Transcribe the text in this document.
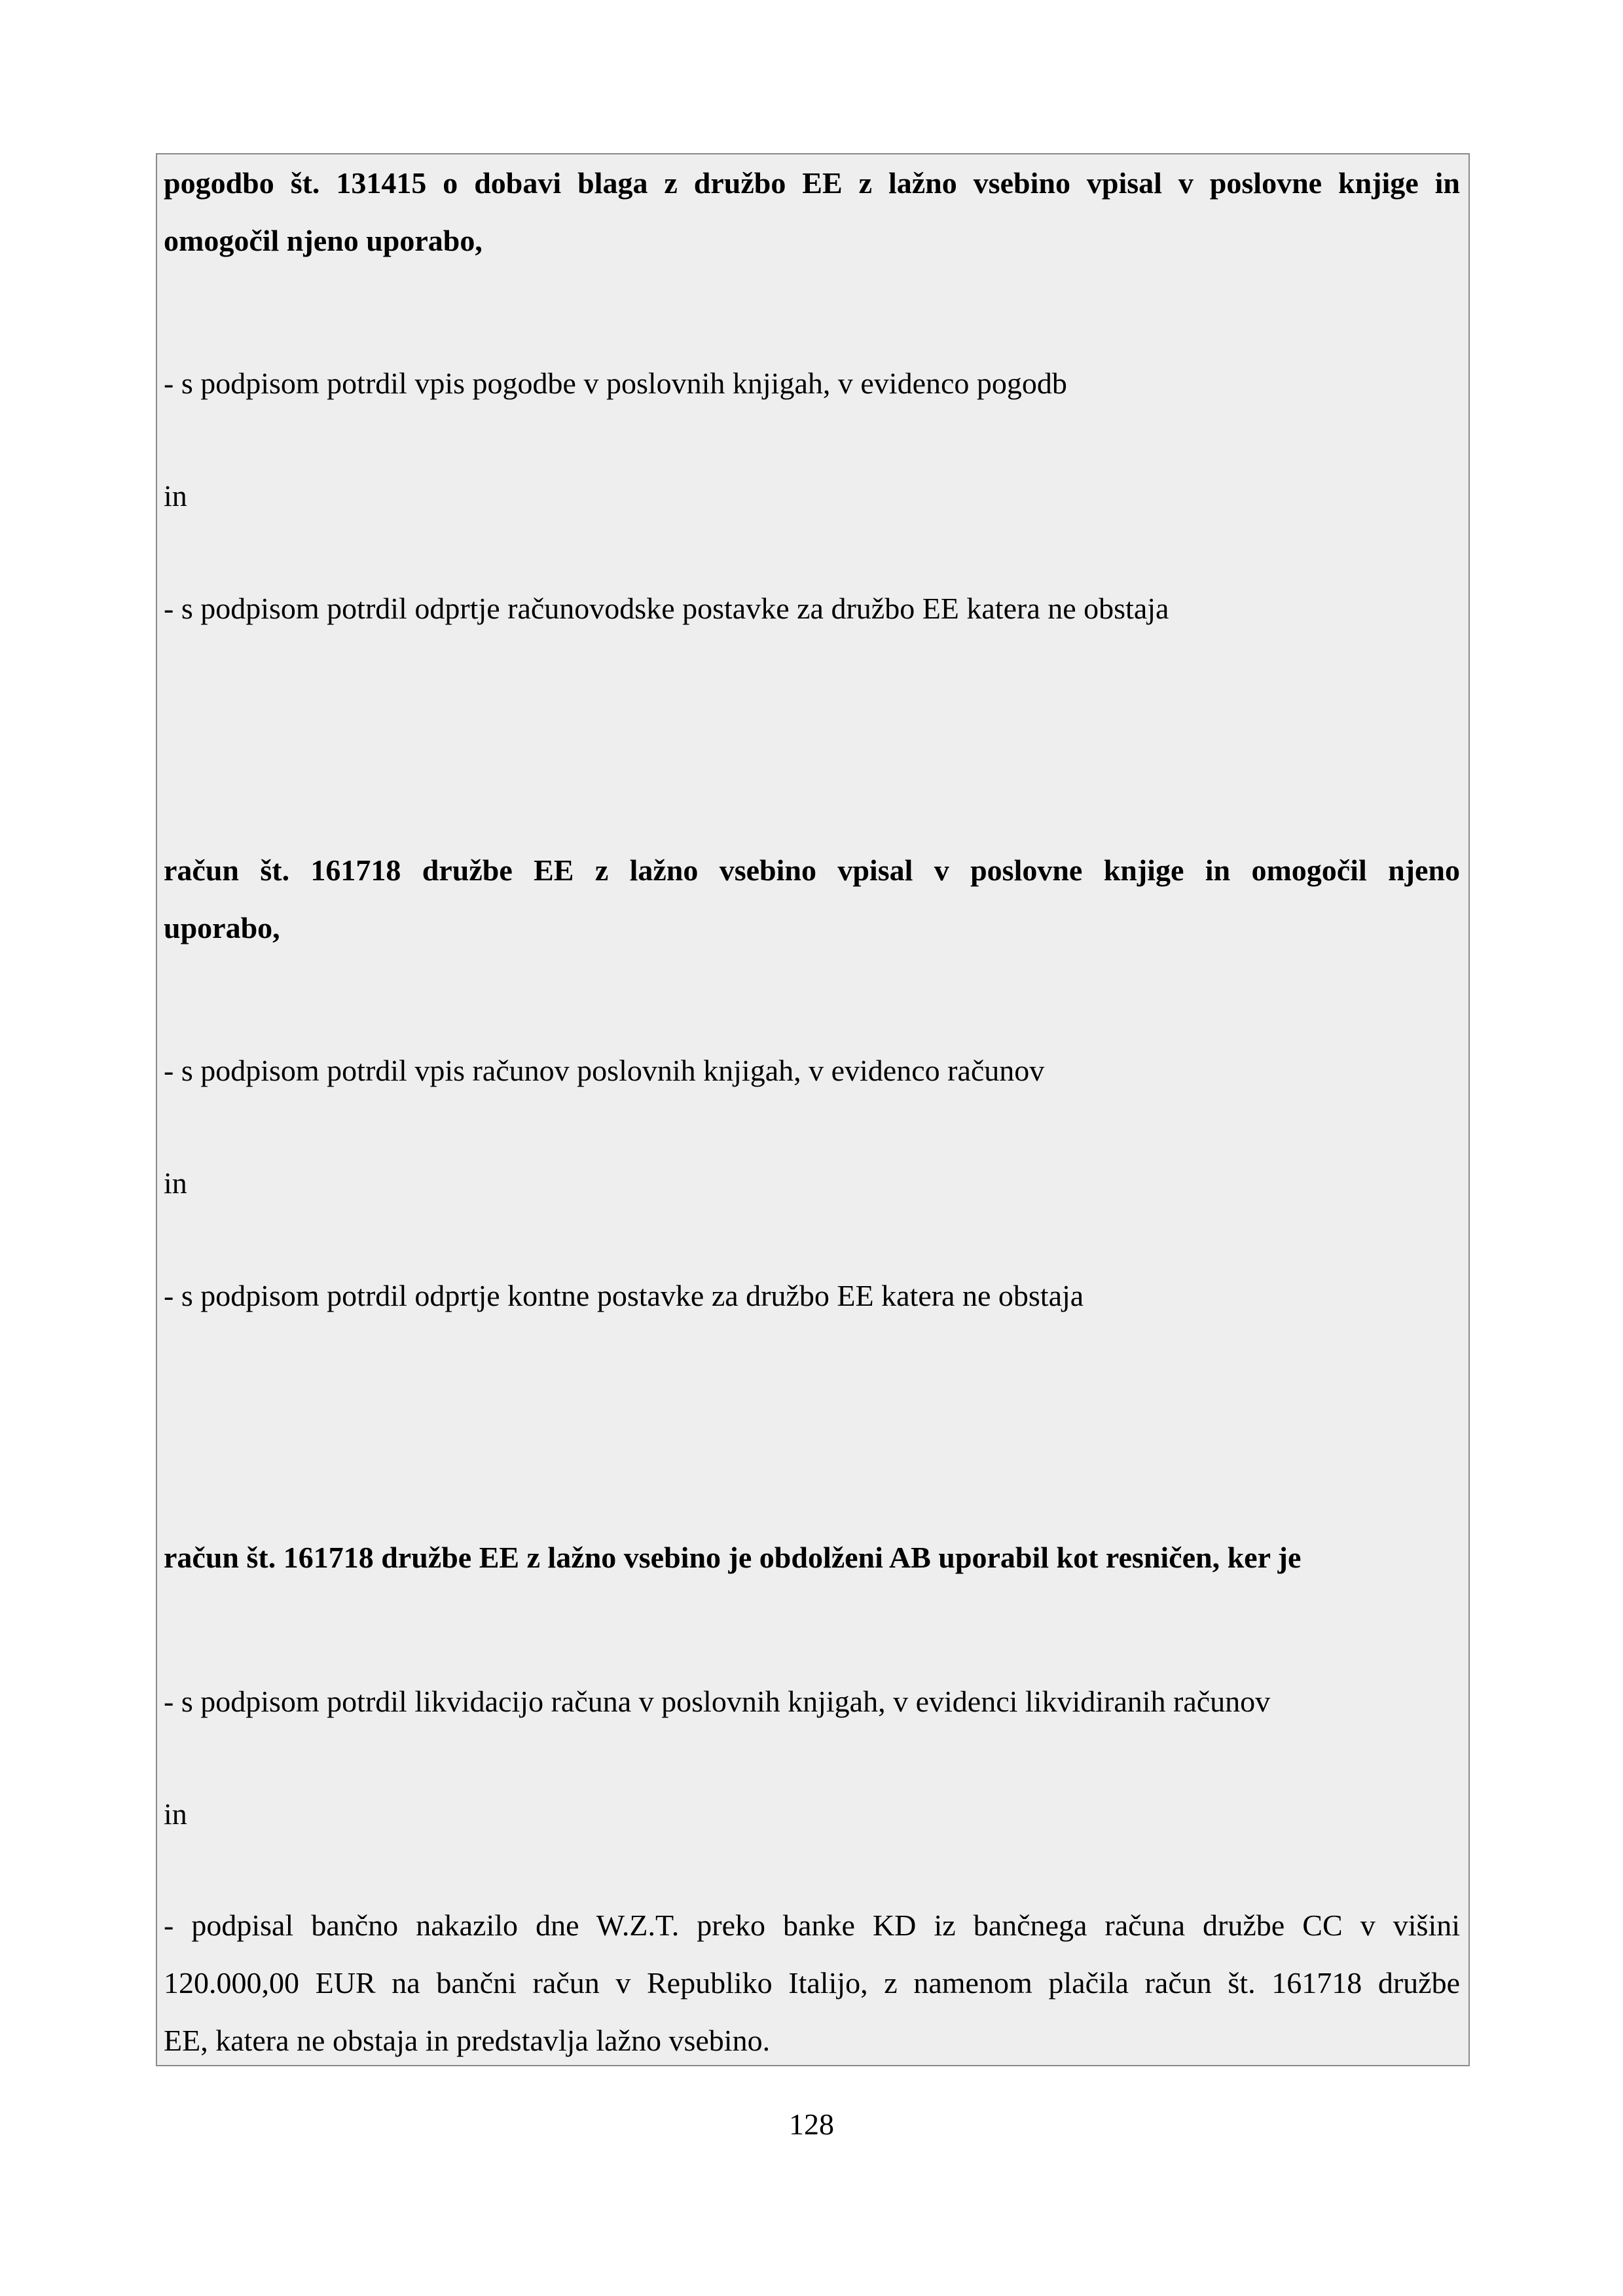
pogodbo št. 131415 o dobavi blaga z družbo EE z lažno vsebino vpisal v poslovne knjige in

omogočil njeno uporabo,

- s podpisom potrdil vpis pogodbe v poslovnih knjigah, v evidenco pogodb

in

- s podpisom potrdil odprtje računovodske postavke za družbo EE katera ne obstaja

račun št. 161718 družbe EE z lažno vsebino vpisal v poslovne knjige in omogočil njeno

uporabo,

- s podpisom potrdil vpis računov poslovnih knjigah, v evidenco računov

in

- s podpisom potrdil odprtje kontne postavke za družbo EE katera ne obstaja

račun št. 161718 družbe EE z lažno vsebino je obdolženi AB uporabil kot resničen, ker je

- s podpisom potrdil likvidacijo računa v poslovnih knjigah, v evidenci likvidiranih računov

in

- podpisal bančno nakazilo dne W.Z.T. preko banke KD iz bančnega računa družbe CC v višini

120.000,00 EUR na bančni račun v Republiko Italijo, z namenom plačila račun št. 161718 družbe

EE, katera ne obstaja in predstavlja lažno vsebino.

128
